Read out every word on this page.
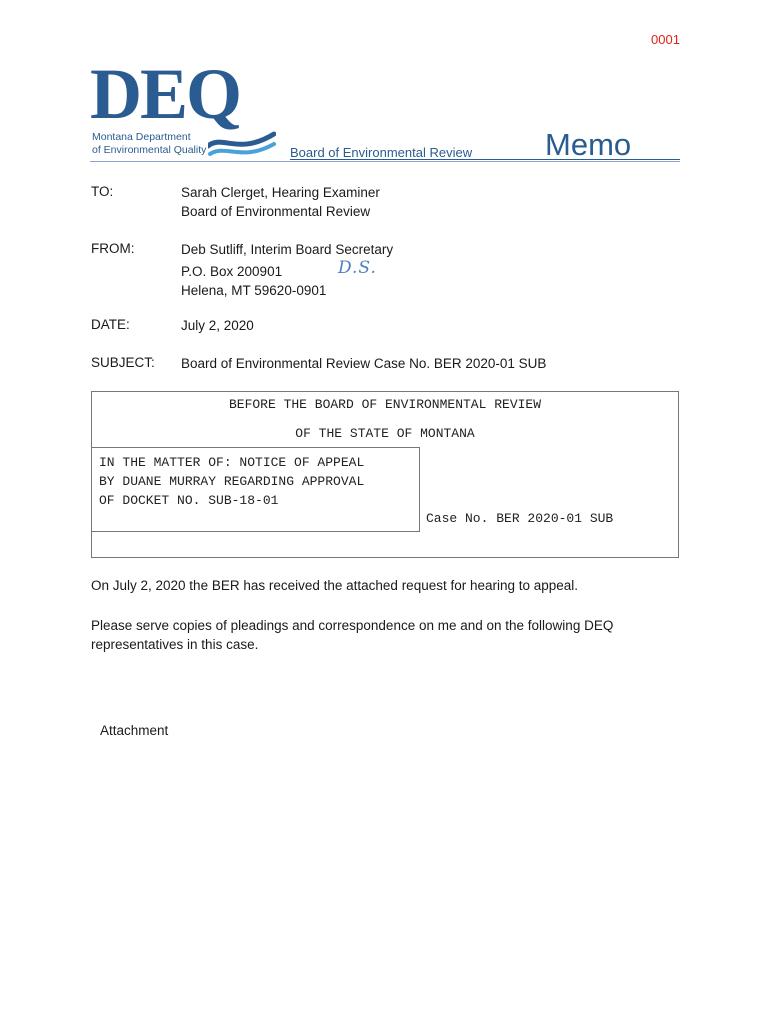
0001
DEQ
Montana Department
of Environmental Quality	Board of Environmental Review Memo
TO:	Sarah Clerget, Hearing Examiner
Board of Environmental Review
FROM:	Deb Sutliff, Interim Board Secretary
P.O. Box 200901
Helena, MT 59620-0901
D.S.
DATE:	July 2, 2020
SUBJECT: Board of Environmental Review Case No. BER 2020-01 SUB
BEFORE THE BOARD OF ENVIRONMENTAL REVIEW
OF THE STATE OF MONTANA
IN THE MATTER OF: NOTICE OF APPEAL
BY DUANE MURRAY REGARDING APPROVAL
OF DOCKET NO. SUB-18-01
Case No. BER 2020-01 SUB
On July 2, 2020 the BER has received the attached request for hearing to appeal.
Please serve copies of pleadings and correspondence on me and on the following DEQ
representatives in this case.
Attachment
